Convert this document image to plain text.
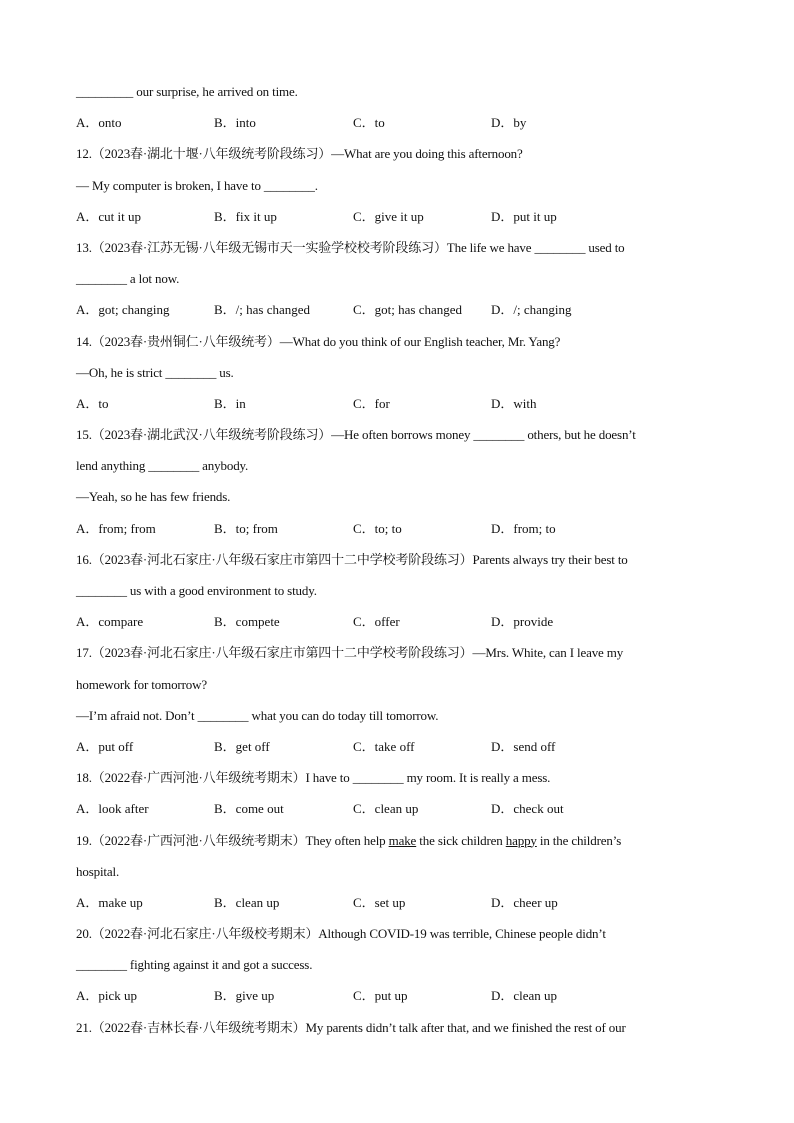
_________ our surprise, he arrived on time.
A．onto	B．into	C．to	D．by
12.（2023春·湖北十堰·八年级统考阶段练习）—What are you doing this afternoon?
— My computer is broken, I have to ________.
A．cut it up	B．fix it up	C．give it up	D．put it up
13.（2023春·江苏无锡·八年级无锡市天一实验学校校考阶段练习）The life we have ________ used to
________ a lot now.
A．got; changing	B．/; has changed	C．got; has changed D．/; changing
14.（2023春·贵州铜仁·八年级统考）—What do you think of our English teacher, Mr. Yang?
—Oh, he is strict ________ us.
A．to	B．in	C．for	D．with
15.（2023春·湖北武汉·八年级统考阶段练习）—He often borrows money ________ others, but he doesn’t
lend anything ________ anybody.
—Yeah, so he has few friends.
A．from; from	B．to; from	C．to; to	D．from; to
16.（2023春·河北石家庄·八年级石家庄市第四十二中学校考阶段练习）Parents always try their best to
________ us with a good environment to study.
A．compare	B．compete	C．offer	D．provide
17.（2023春·河北石家庄·八年级石家庄市第四十二中学校考阶段练习）—Mrs. White, can I leave my
homework for tomorrow?
—I’m afraid not. Don’t ________ what you can do today till tomorrow.
A．put off	B．get off	C．take off	D．send off
18.（2022春·广西河池·八年级统考期末）I have to ________ my room. It is really a mess.
A．look after	B．come out	C．clean up	D．check out
19.（2022春·广西河池·八年级统考期末）They often help make the sick children happy in the children’s
hospital.
A．make up	B．clean up	C．set up	D．cheer up
20.（2022春·河北石家庄·八年级校考期末）Although COVID-19 was terrible, Chinese people didn’t
________ fighting against it and got a success.
A．pick up	B．give up	C．put up	D．clean up
21.（2022春·吉林长春·八年级统考期末）My parents didn’t talk after that, and we finished the rest of our
